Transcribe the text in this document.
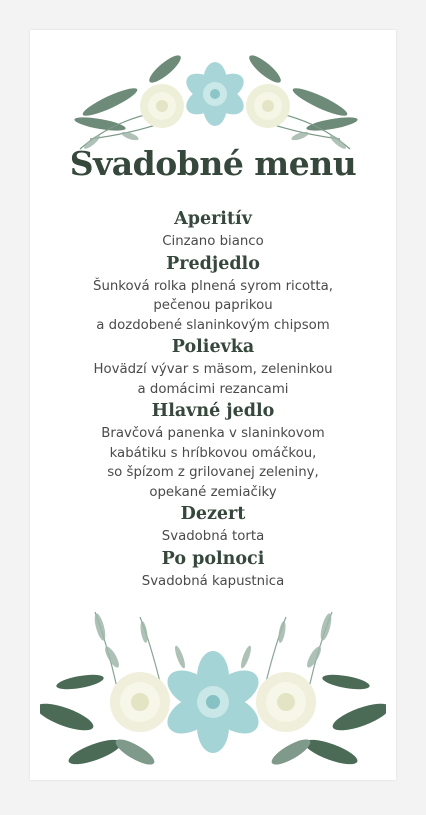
Svadobné menu
Aperitív
Cinzano bianco
Predjedlo
Šunková rolka plnená syrom ricotta,
pečenou paprikou
a dozdobené slaninkovým chipsom
Polievka
Hovädzí vývar s mäsom, zeleninkou
a domácimi rezancami
Hlavné jedlo
Bravčová panenka v slaninkovom
kabátiku s hríbkovou omáčkou,
so špízom z grilovanej zeleniny,
opekané zemiačiky
Dezert
Svadobná torta
Po polnoci
Svadobná kapustnica
